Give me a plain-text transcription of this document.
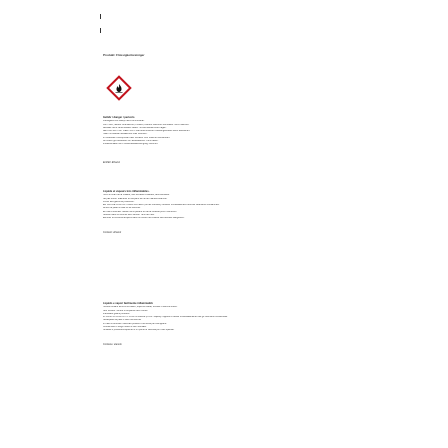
Produkt: Flüssigkeitsreiniger
Gefahr / danger / pericolo
Flüssigkeit und Dampf leicht entzündbar.
Von Hitze, heißen Oberflächen, Funken, offenen Flammen fernhalten. Nicht rauchen.
Behälter dicht verschlossen halten. Schutzhandschuhe tragen.
BEI KONTAKT MIT DER HAUT: Alle beschmutzten Kleidungsstücke sofort ausziehen.
Haut mit Wasser abwaschen oder duschen.
Im Brandfall: Löschpulver oder Schaum zum Löschen verwenden.
An einem gut belüfteten Ort aufbewahren. Kühl halten.
Inhalt/Behälter der Problemabfallentsorgung zuführen.
Enthält: Ethanol
Liquide et vapeurs très inflammables.
Tenir à l'écart de la chaleur, des surfaces chaudes, des étincelles.
Ne pas fumer. Maintenir le récipient fermé de manière étanche.
Porter des gants de protection.
EN CAS DE CONTACT AVEC LA PEAU (ou les cheveux): Enlever immédiatement tous les vêtements contaminés.
Rincer la peau à l'eau ou se doucher.
En cas d'incendie: utiliser de la poudre ou de la mousse pour l'extinction.
Stocker dans un endroit bien ventilé. Tenir au frais.
Éliminer le contenu/récipient dans un centre de collecte des déchets dangereux.
Contient: éthanol
Liquido e vapori facilmente infiammabili.
Tenere lontano da fonti di calore, superfici calde, scintille o fiamme libere.
Non fumare. Tenere il recipiente ben chiuso.
Indossare guanti protettivi.
IN CASO DI CONTATTO CON LA PELLE (o con i capelli): togliere di dosso immediatamente tutti gli indumenti contaminati.
Sciacquare la pelle o fare una doccia.
In caso d'incendio: utilizzare polvere o schiuma per estinguere.
Conservare in luogo fresco e ben ventilato.
Smaltire il prodotto/recipiente in un punto di raccolta per rifiuti speciali.
Contiene: etanolo
